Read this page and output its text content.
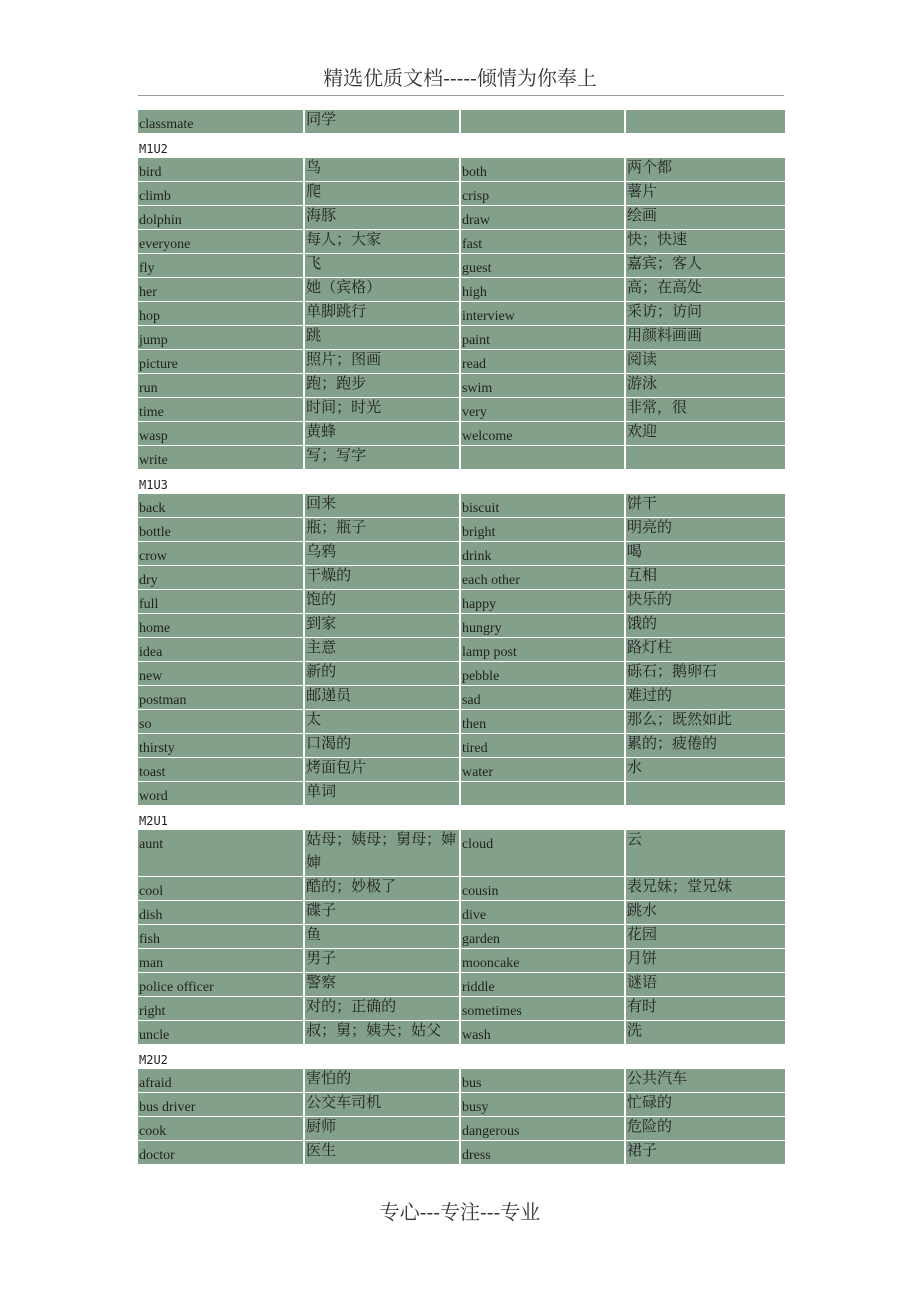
精选优质文档-----倾情为你奉上
classmate	同学

M1U2
bird	鸟	both	两个都

climb	爬	crisp	薯片

dolphin	海豚	draw	绘画

everyone	每人；大家	fast	快；快速

fly	飞	guest	嘉宾；客人

her	她（宾格）	high	高；在高处

hop	单脚跳行	interview	采访；访问

jump	跳	paint	用颜料画画

picture	照片；图画	read	阅读

run	跑；跑步	swim	游泳

time	时间；时光	very	非常，很

wasp	黄蜂	welcome	欢迎

write	写；写字		

M1U3
back	回来	biscuit	饼干

bottle	瓶；瓶子	bright	明亮的

crow	乌鸦	drink	喝

dry	干燥的	each other	互相

full	饱的	happy	快乐的

home	到家	hungry	饿的

idea	主意	lamp post	路灯柱

new	新的	pebble	砾石；鹅卵石

postman	邮递员	sad	难过的

so	太	then	那么；既然如此

thirsty	口渴的	tired	累的；疲倦的

toast	烤面包片	water	水

word	单词		

M2U1
aunt	姑母；姨母；舅母；婶婶	cloud	云

cool	酷的；妙极了	cousin	表兄妹；堂兄妹

dish	碟子	dive	跳水

fish	鱼	garden	花园

man	男子	mooncake	月饼

police officer	警察	riddle	谜语

right	对的；正确的	sometimes	有时

uncle	叔；舅；姨夫；姑父	wash	洗
M2U2
afraid	害怕的	bus	公共汽车

bus driver	公交车司机	busy	忙碌的

cook	厨师	dangerous	危险的

doctor	医生	dress	裙子
专心---专注---专业
